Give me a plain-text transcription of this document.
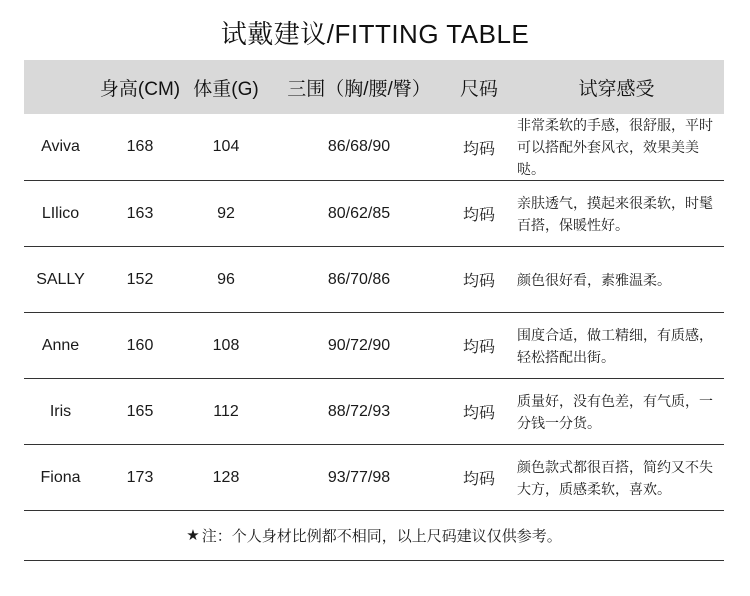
试戴建议/FITTING TABLE
	身高(CM)	体重(G)	三围（胸/腰/臀）	尺码	试穿感受
Aviva	168	104	86/68/90	均码	非常柔软的手感，很舒服，平时可以搭配外套风衣，效果美美哒。
LIlico	163	92	80/62/85	均码	亲肤透气，摸起来很柔软，时髦百搭，保暖性好。
SALLY	152	96	86/70/86	均码	颜色很好看，素雅温柔。
Anne	160	108	90/72/90	均码	围度合适，做工精细，有质感，轻松搭配出街。
Iris	165	112	88/72/93	均码	质量好，没有色差，有气质，一分钱一分货。
Fiona	173	128	93/77/98	均码	颜色款式都很百搭，简约又不失大方，质感柔软，喜欢。
★ 注：个人身材比例都不相同，以上尺码建议仅供参考。
